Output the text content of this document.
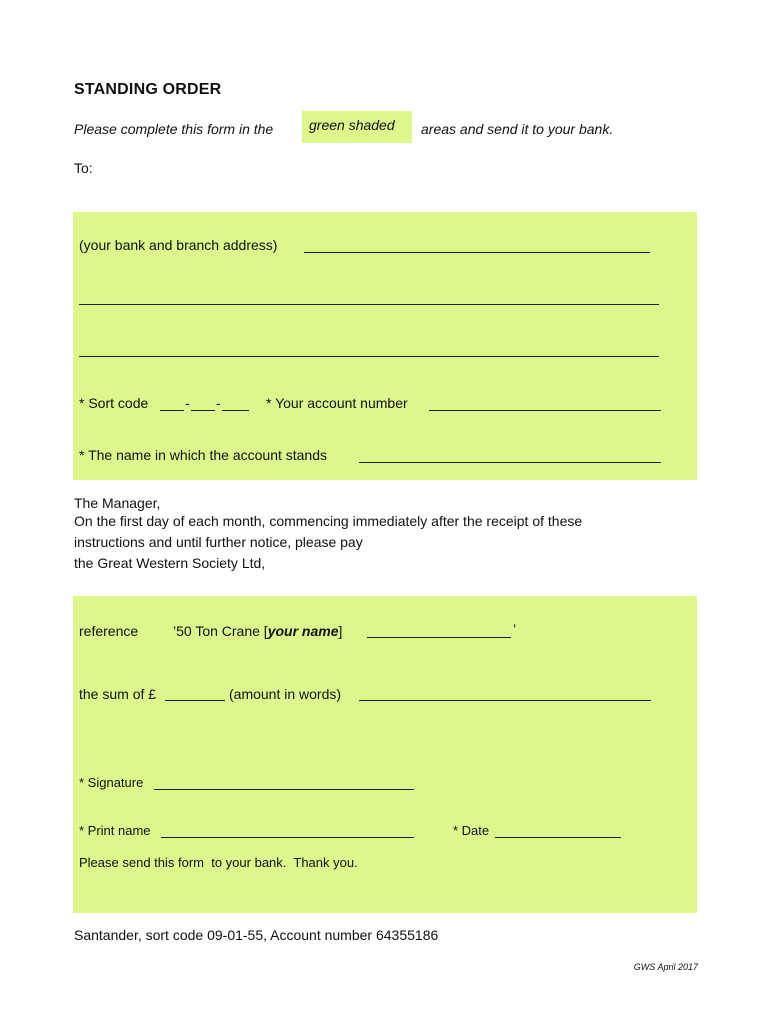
STANDING ORDER
Please complete this form in the	green shaded areas and send it to your bank.
To:
(your bank and branch address)
* Sort code	- -	* Your account number
* The name in which the account stands
The Manager,
On the first day of each month, commencing immediately after the receipt of these
instructions and until further notice, please pay
the Great Western Society Ltd,
reference ’50 Ton Crane [your name]	’
the sum of £	(amount in words)
* Signature
* Print name	* Date
Please send this form  to your bank.  Thank you.
Santander, sort code 09-01-55, Account number 64355186
GWS April 2017
